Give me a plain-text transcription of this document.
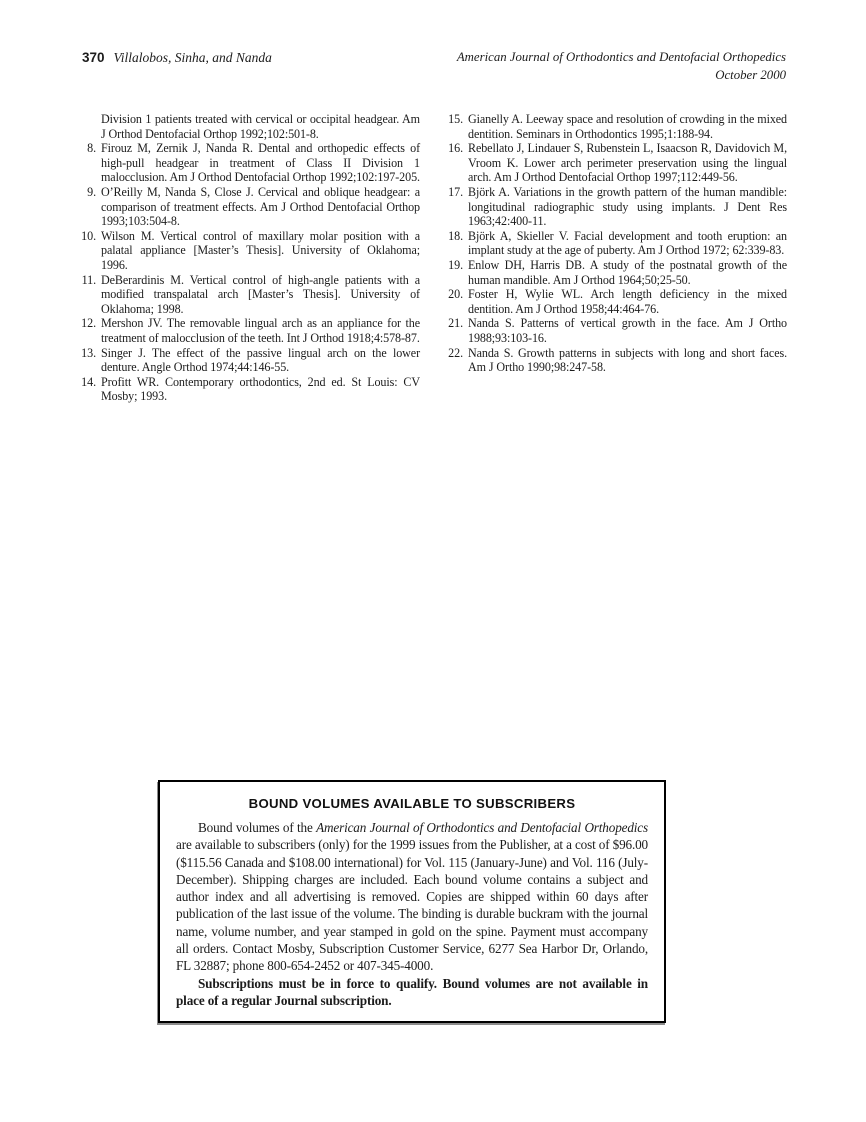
370 Villalobos, Sinha, and Nanda	American Journal of Orthodontics and Dentofacial Orthopedics
October 2000
Division 1 patients treated with cervical or occipital headgear. Am J Orthod Dentofacial Orthop 1992;102:501-8.
8. Firouz M, Zernik J, Nanda R. Dental and orthopedic effects of high-pull headgear in treatment of Class II Division 1 malocclusion. Am J Orthod Dentofacial Orthop 1992;102:197-205.
9. O’Reilly M, Nanda S, Close J. Cervical and oblique headgear: a comparison of treatment effects. Am J Orthod Dentofacial Orthop 1993;103:504-8.
10. Wilson M. Vertical control of maxillary molar position with a palatal appliance [Master’s Thesis]. University of Oklahoma; 1996.
11. DeBerardinis M. Vertical control of high-angle patients with a modified transpalatal arch [Master’s Thesis]. University of Oklahoma; 1998.
12. Mershon JV. The removable lingual arch as an appliance for the treatment of malocclusion of the teeth. Int J Orthod 1918;4:578-87.
13. Singer J. The effect of the passive lingual arch on the lower denture. Angle Orthod 1974;44:146-55.
14. Profitt WR. Contemporary orthodontics, 2nd ed. St Louis: CV Mosby; 1993.
15. Gianelly A. Leeway space and resolution of crowding in the mixed dentition. Seminars in Orthodontics 1995;1:188-94.
16. Rebellato J, Lindauer S, Rubenstein L, Isaacson R, Davidovich M, Vroom K. Lower arch perimeter preservation using the lingual arch. Am J Orthod Dentofacial Orthop 1997;112:449-56.
17. Björk A. Variations in the growth pattern of the human mandible: longitudinal radiographic study using implants. J Dent Res 1963;42:400-11.
18. Björk A, Skieller V. Facial development and tooth eruption: an implant study at the age of puberty. Am J Orthod 1972; 62:339-83.
19. Enlow DH, Harris DB. A study of the postnatal growth of the human mandible. Am J Orthod 1964;50;25-50.
20. Foster H, Wylie WL. Arch length deficiency in the mixed dentition. Am J Orthod 1958;44:464-76.
21. Nanda S. Patterns of vertical growth in the face. Am J Ortho 1988;93:103-16.
22. Nanda S. Growth patterns in subjects with long and short faces. Am J Ortho 1990;98:247-58.
BOUND VOLUMES AVAILABLE TO SUBSCRIBERS

Bound volumes of the American Journal of Orthodontics and Dentofacial Orthopedics are available to subscribers (only) for the 1999 issues from the Publisher, at a cost of $96.00 ($115.56 Canada and $108.00 international) for Vol. 115 (January-June) and Vol. 116 (July-December). Shipping charges are included. Each bound volume contains a subject and author index and all advertising is removed. Copies are shipped within 60 days after publication of the last issue of the volume. The binding is durable buckram with the journal name, volume number, and year stamped in gold on the spine. Payment must accompany all orders. Contact Mosby, Subscription Customer Service, 6277 Sea Harbor Dr, Orlando, FL 32887; phone 800-654-2452 or 407-345-4000.

Subscriptions must be in force to qualify. Bound volumes are not available in place of a regular Journal subscription.
